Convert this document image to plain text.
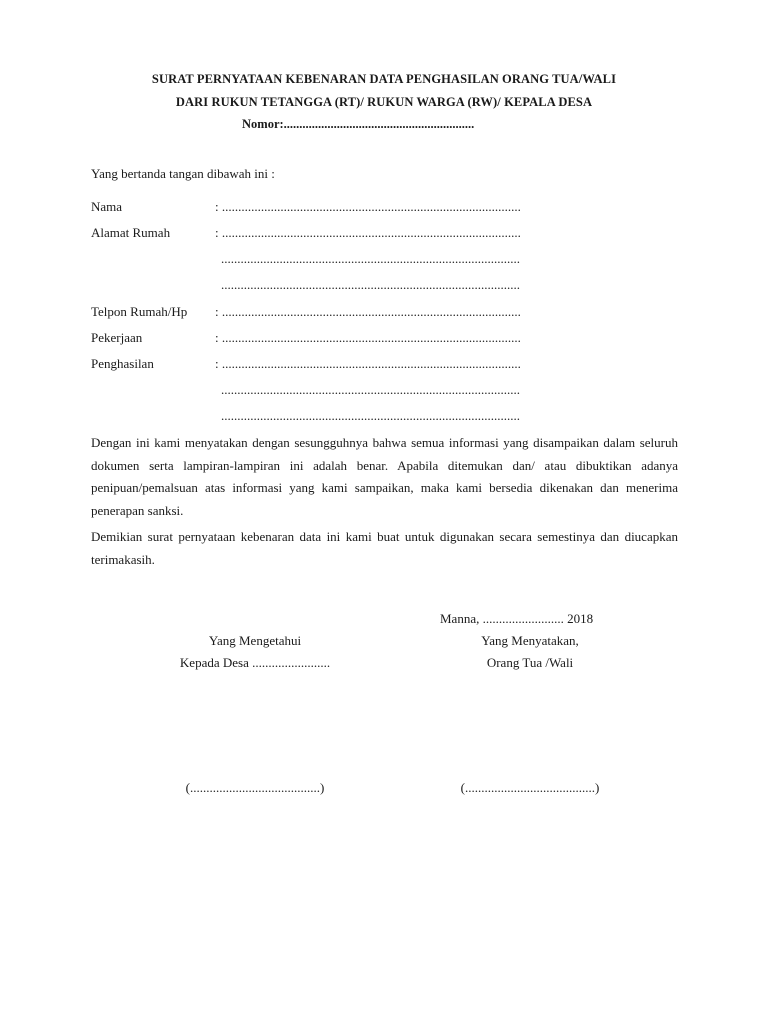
SURAT PERNYATAAN KEBENARAN DATA PENGHASILAN ORANG TUA/WALI
DARI RUKUN TETANGGA (RT)/ RUKUN WARGA (RW)/ KEPALA DESA
Nomor:.............................................................
Yang bertanda tangan dibawah ini :
Nama	: ............................................................................................
Alamat Rumah	: ............................................................................................
............................................................................................
............................................................................................
Telpon Rumah/Hp : ............................................................................................
Pekerjaan	: ............................................................................................
Penghasilan	: ............................................................................................
............................................................................................
............................................................................................
Dengan ini kami menyatakan dengan sesungguhnya bahwa semua informasi yang disampaikan dalam seluruh dokumen serta lampiran-lampiran ini adalah benar. Apabila ditemukan dan/ atau dibuktikan adanya penipuan/pemalsuan atas informasi yang kami sampaikan, maka kami bersedia dikenakan dan menerima penerapan sanksi.
Demikian surat pernyataan kebenaran data ini kami buat untuk digunakan secara semestinya dan diucapkan terimakasih.
Manna, ......................... 2018
Yang Mengetahui
Kepada Desa ........................
Yang Menyatakan,
Orang Tua /Wali
(........................................)	(........................................)
